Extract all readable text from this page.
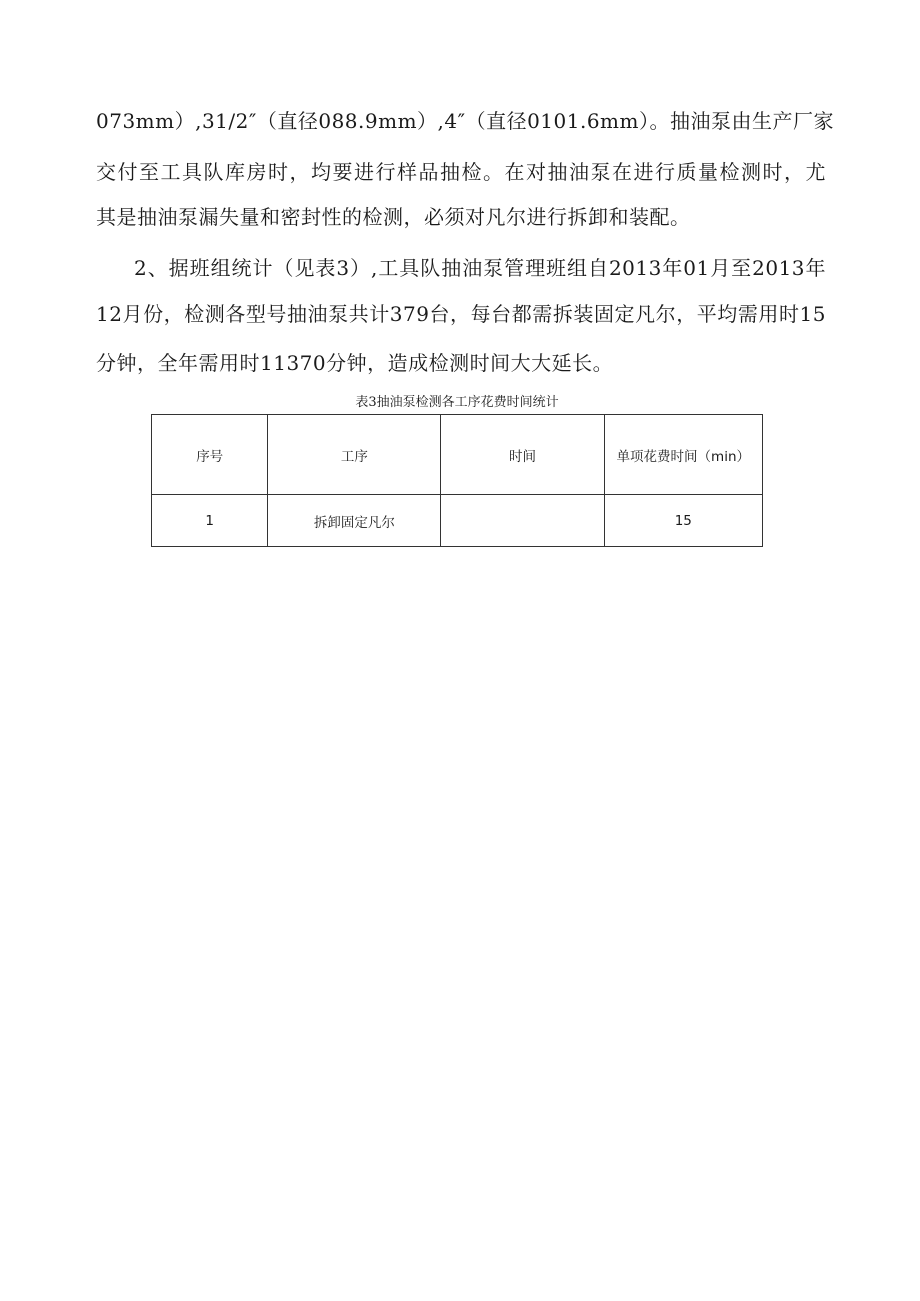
073mm）,31/2″（直径088.9mm）,4″（直径0101.6mm）。抽油泵由生产厂家
交付至工具队库房时，均要进行样品抽检。在对抽油泵在进行质量检测时，尤
其是抽油泵漏失量和密封性的检测，必须对凡尔进行拆卸和装配。
2、据班组统计（见表3）,工具队抽油泵管理班组自2013年01月至2013年
12月份，检测各型号抽油泵共计379台，每台都需拆装固定凡尔，平均需用时15
分钟，全年需用时11370分钟，造成检测时间大大延长。
表3抽油泵检测各工序花费时间统计
序号	工序	时间	单项花费时间（min）
1	拆卸固定凡尔		15
